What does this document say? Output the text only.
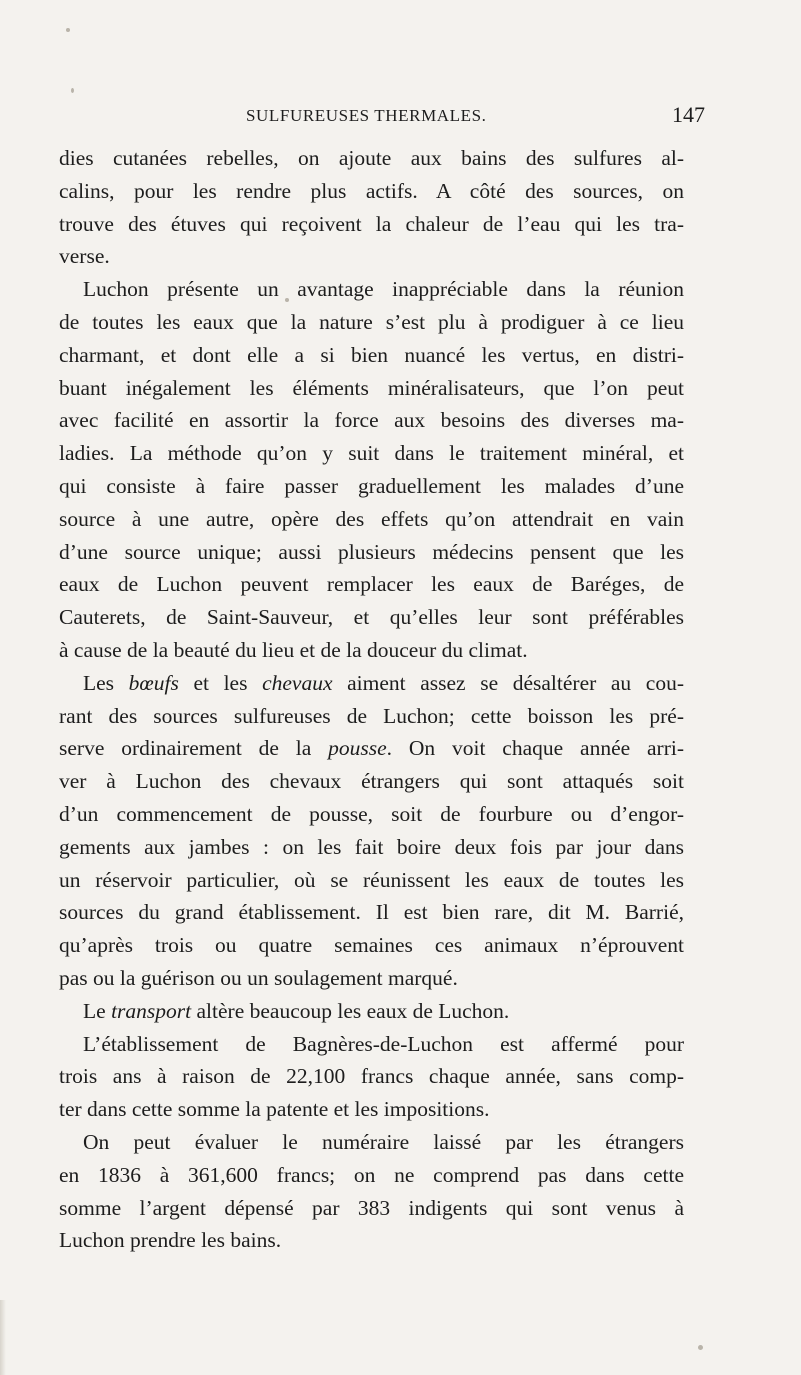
SULFUREUSES THERMALES.	147
dies cutanées rebelles, on ajoute aux bains des sulfures al-
calins, pour les rendre plus actifs. A côté des sources, on
trouve des étuves qui reçoivent la chaleur de l’eau qui les tra-
verse.
Luchon présente un avantage inappréciable dans la réunion
de toutes les eaux que la nature s’est plu à prodiguer à ce lieu
charmant, et dont elle a si bien nuancé les vertus, en distri-
buant inégalement les éléments minéralisateurs, que l’on peut
avec facilité en assortir la force aux besoins des diverses ma-
ladies. La méthode qu’on y suit dans le traitement minéral, et
qui consiste à faire passer graduellement les malades d’une
source à une autre, opère des effets qu’on attendrait en vain
d’une source unique; aussi plusieurs médecins pensent que les
eaux de Luchon peuvent remplacer les eaux de Baréges, de
Cauterets, de Saint-Sauveur, et qu’elles leur sont préférables
à cause de la beauté du lieu et de la douceur du climat.
Les bœufs et les chevaux aiment assez se désaltérer au cou-
rant des sources sulfureuses de Luchon; cette boisson les pré-
serve ordinairement de la pousse. On voit chaque année arri-
ver à Luchon des chevaux étrangers qui sont attaqués soit
d’un commencement de pousse, soit de fourbure ou d’engor-
gements aux jambes : on les fait boire deux fois par jour dans
un réservoir particulier, où se réunissent les eaux de toutes les
sources du grand établissement. Il est bien rare, dit M. Barrié,
qu’après trois ou quatre semaines ces animaux n’éprouvent
pas ou la guérison ou un soulagement marqué.
Le transport altère beaucoup les eaux de Luchon.
L’établissement de Bagnères-de-Luchon est affermé pour
trois ans à raison de 22,100 francs chaque année, sans comp-
ter dans cette somme la patente et les impositions.
On peut évaluer le numéraire laissé par les étrangers
en 1836 à 361,600 francs; on ne comprend pas dans cette
somme l’argent dépensé par 383 indigents qui sont venus à
Luchon prendre les bains.
